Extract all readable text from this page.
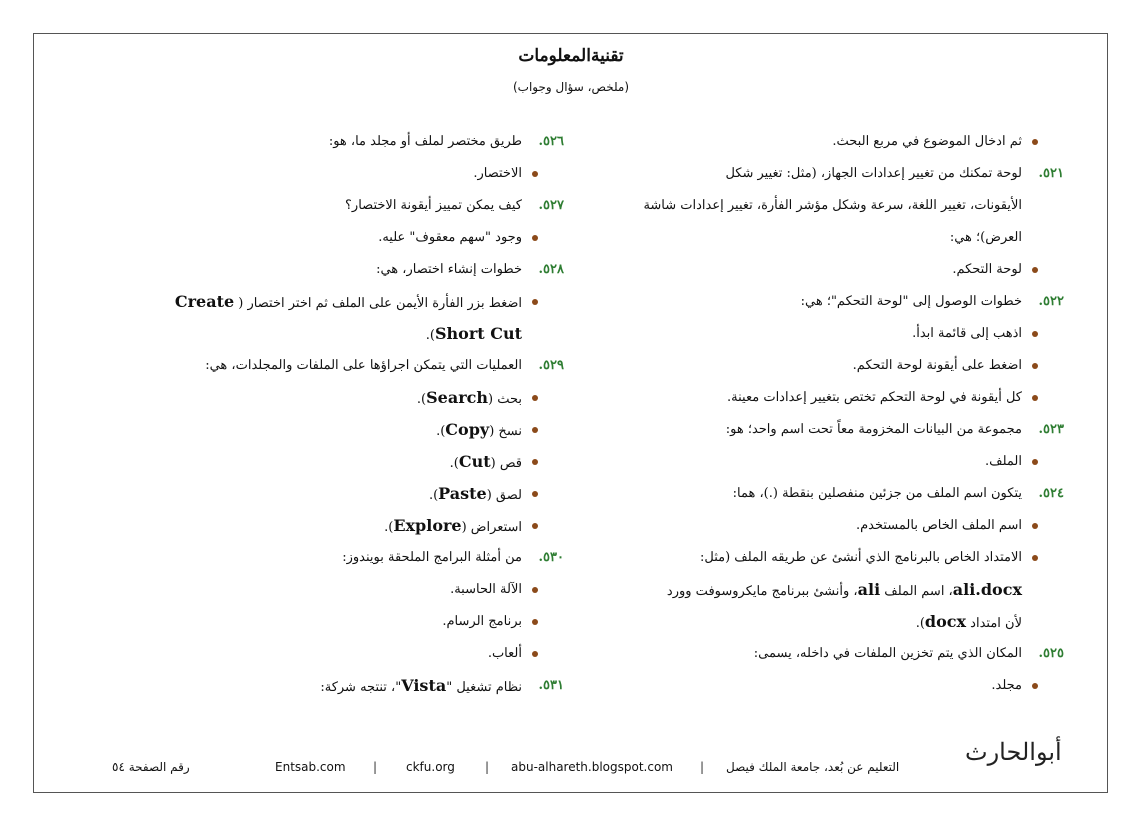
تقنيةالمعلومات
(ملخص، سؤال وجواب)
ثم ادخال الموضوع في مربع البحث.
٥٢١.
لوحة تمكنك من تغيير إعدادات الجهاز، (مثل: تغيير شكل
الأيقونات، تغيير اللغة، سرعة وشكل مؤشر الفأرة، تغيير إعدادات شاشة
العرض)؛ هي:
لوحة التحكم.
٥٢٢.
خطوات الوصول إلى "لوحة التحكم"؛ هي:
اذهب إلى قائمة ابدأ.
اضغط على أيقونة لوحة التحكم.
كل أيقونة في لوحة التحكم تختص بتغيير إعدادات معينة.
٥٢٣.
مجموعة من البيانات المخزومة معاً تحت اسم واحد؛ هو:
الملف.
٥٢٤.
يتكون اسم الملف من جزئين منفصلين بنقطة (.)، هما:
اسم الملف الخاص بالمستخدم.
الامتداد الخاص بالبرنامج الذي أنشئ عن طريقه الملف (مثل:
ali.docx، اسم الملف ali، وأنشئ ببرنامج مايكروسوفت وورد
لأن امتداد docx).
٥٢٥.
المكان الذي يتم تخزين الملفات في داخله، يسمى:
مجلد.
٥٢٦.
طريق مختصر لملف أو مجلد ما، هو:
الاختصار.
٥٢٧.
كيف يمكن تمييز أيقونة الاختصار؟
وجود "سهم معقوف" عليه.
٥٢٨.
خطوات إنشاء اختصار، هي:
اضغط بزر الفأرة الأيمن على الملف ثم اختر اختصار ( Create
Short Cut).
٥٢٩.
العمليات التي يتمكن اجراؤها على الملفات والمجلدات، هي:
بحث (Search).
نسخ (Copy).
قص (Cut).
لصق (Paste).
استعراض (Explore).
٥٣٠.
من أمثلة البرامج الملحقة بويندوز:
الآلة الحاسبة.
برنامج الرسام.
ألعاب.
٥٣١.
نظام تشغيل "Vista"، تنتجه شركة:
رقم الصفحة ٥٤	Entsab.com | ckfu.org	| abu-alhareth.blogspot.com | التعليم عن بُعد، جامعة الملك فيصل
أبوالحارث
